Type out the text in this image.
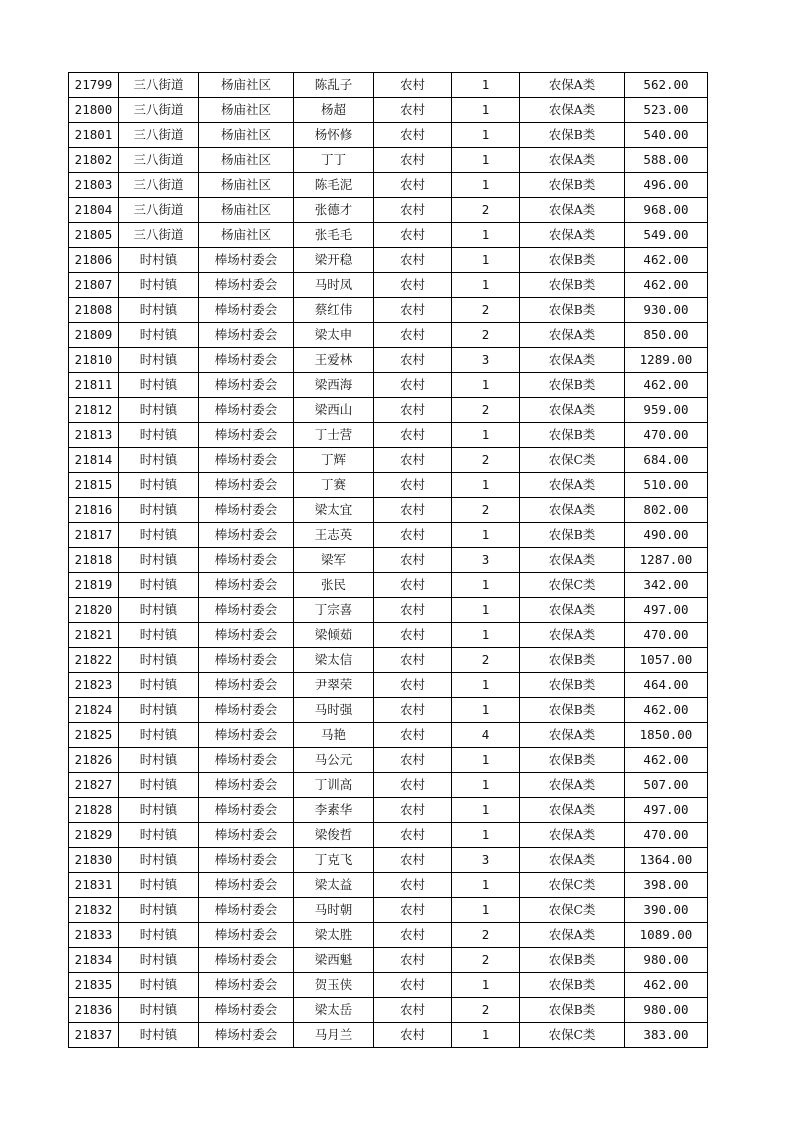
21799	三八街道	杨庙社区	陈乱子	农村	1	农保A类	562.00
21800	三八街道	杨庙社区	杨超	农村	1	农保A类	523.00
21801	三八街道	杨庙社区	杨怀修	农村	1	农保B类	540.00
21802	三八街道	杨庙社区	丁丁	农村	1	农保A类	588.00
21803	三八街道	杨庙社区	陈毛泥	农村	1	农保B类	496.00
21804	三八街道	杨庙社区	张德才	农村	2	农保A类	968.00
21805	三八街道	杨庙社区	张毛毛	农村	1	农保A类	549.00
21806	时村镇	棒场村委会	梁开稳	农村	1	农保B类	462.00
21807	时村镇	棒场村委会	马时凤	农村	1	农保B类	462.00
21808	时村镇	棒场村委会	蔡红伟	农村	2	农保B类	930.00
21809	时村镇	棒场村委会	梁太申	农村	2	农保A类	850.00
21810	时村镇	棒场村委会	王爱林	农村	3	农保A类	1289.00
21811	时村镇	棒场村委会	梁西海	农村	1	农保B类	462.00
21812	时村镇	棒场村委会	梁西山	农村	2	农保A类	959.00
21813	时村镇	棒场村委会	丁士营	农村	1	农保B类	470.00
21814	时村镇	棒场村委会	丁辉	农村	2	农保C类	684.00
21815	时村镇	棒场村委会	丁赛	农村	1	农保A类	510.00
21816	时村镇	棒场村委会	梁太宜	农村	2	农保A类	802.00
21817	时村镇	棒场村委会	王志英	农村	1	农保B类	490.00
21818	时村镇	棒场村委会	梁军	农村	3	农保A类	1287.00
21819	时村镇	棒场村委会	张民	农村	1	农保C类	342.00
21820	时村镇	棒场村委会	丁宗喜	农村	1	农保A类	497.00
21821	时村镇	棒场村委会	梁倾茹	农村	1	农保A类	470.00
21822	时村镇	棒场村委会	梁太信	农村	2	农保B类	1057.00
21823	时村镇	棒场村委会	尹翠荣	农村	1	农保B类	464.00
21824	时村镇	棒场村委会	马时强	农村	1	农保B类	462.00
21825	时村镇	棒场村委会	马艳	农村	4	农保A类	1850.00
21826	时村镇	棒场村委会	马公元	农村	1	农保B类	462.00
21827	时村镇	棒场村委会	丁训高	农村	1	农保A类	507.00
21828	时村镇	棒场村委会	李素华	农村	1	农保A类	497.00
21829	时村镇	棒场村委会	梁俊哲	农村	1	农保A类	470.00
21830	时村镇	棒场村委会	丁克飞	农村	3	农保A类	1364.00
21831	时村镇	棒场村委会	梁太益	农村	1	农保C类	398.00
21832	时村镇	棒场村委会	马时朝	农村	1	农保C类	390.00
21833	时村镇	棒场村委会	梁太胜	农村	2	农保A类	1089.00
21834	时村镇	棒场村委会	梁西魁	农村	2	农保B类	980.00
21835	时村镇	棒场村委会	贺玉侠	农村	1	农保B类	462.00
21836	时村镇	棒场村委会	梁太岳	农村	2	农保B类	980.00
21837	时村镇	棒场村委会	马月兰	农村	1	农保C类	383.00
